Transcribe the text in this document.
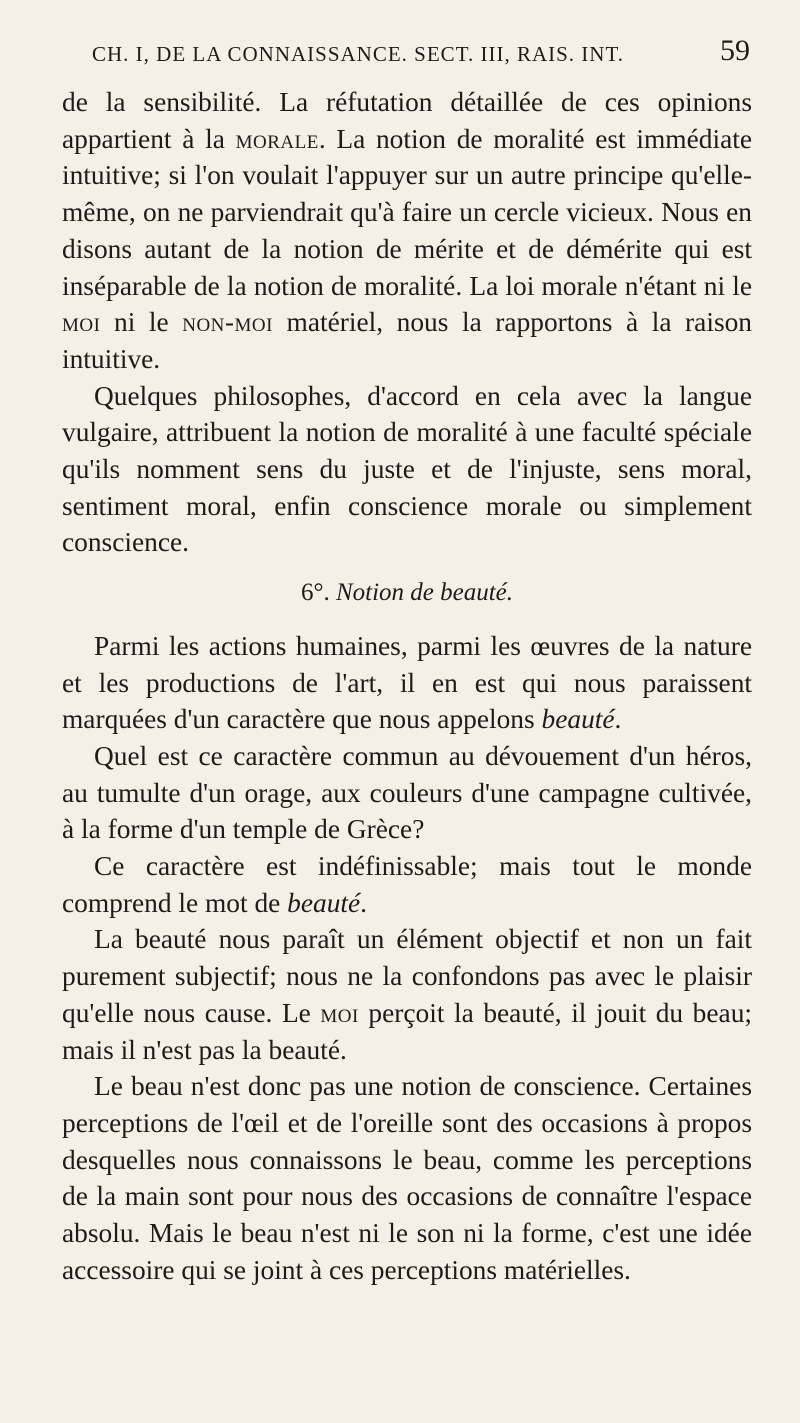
CH. I, DE LA CONNAISSANCE. SECT. III, RAIS. INT.	59

de la sensibilité. La réfutation détaillée de ces opinions appartient à la morale. La notion de moralité est immédiate intuitive; si l'on voulait l'appuyer sur un autre principe qu'elle-même, on ne parviendrait qu'à faire un cercle vicieux. Nous en disons autant de la notion de mérite et de démérite qui est inséparable de la notion de moralité. La loi morale n'étant ni le moi ni le non-moi matériel, nous la rapportons à la raison intuitive.

Quelques philosophes, d'accord en cela avec la langue vulgaire, attribuent la notion de moralité à une faculté spéciale qu'ils nomment sens du juste et de l'injuste, sens moral, sentiment moral, enfin conscience morale ou simplement conscience.

6°. Notion de beauté.

Parmi les actions humaines, parmi les œuvres de la nature et les productions de l'art, il en est qui nous paraissent marquées d'un caractère que nous appelons beauté.

Quel est ce caractère commun au dévouement d'un héros, au tumulte d'un orage, aux couleurs d'une campagne cultivée, à la forme d'un temple de Grèce?

Ce caractère est indéfinissable; mais tout le monde comprend le mot de beauté.

La beauté nous paraît un élément objectif et non un fait purement subjectif; nous ne la confondons pas avec le plaisir qu'elle nous cause. Le moi perçoit la beauté, il jouit du beau; mais il n'est pas la beauté.

Le beau n'est donc pas une notion de conscience. Certaines perceptions de l'œil et de l'oreille sont des occasions à propos desquelles nous connaissons le beau, comme les perceptions de la main sont pour nous des occasions de connaître l'espace absolu. Mais le beau n'est ni le son ni la forme, c'est une idée accessoire qui se joint à ces perceptions matérielles.
